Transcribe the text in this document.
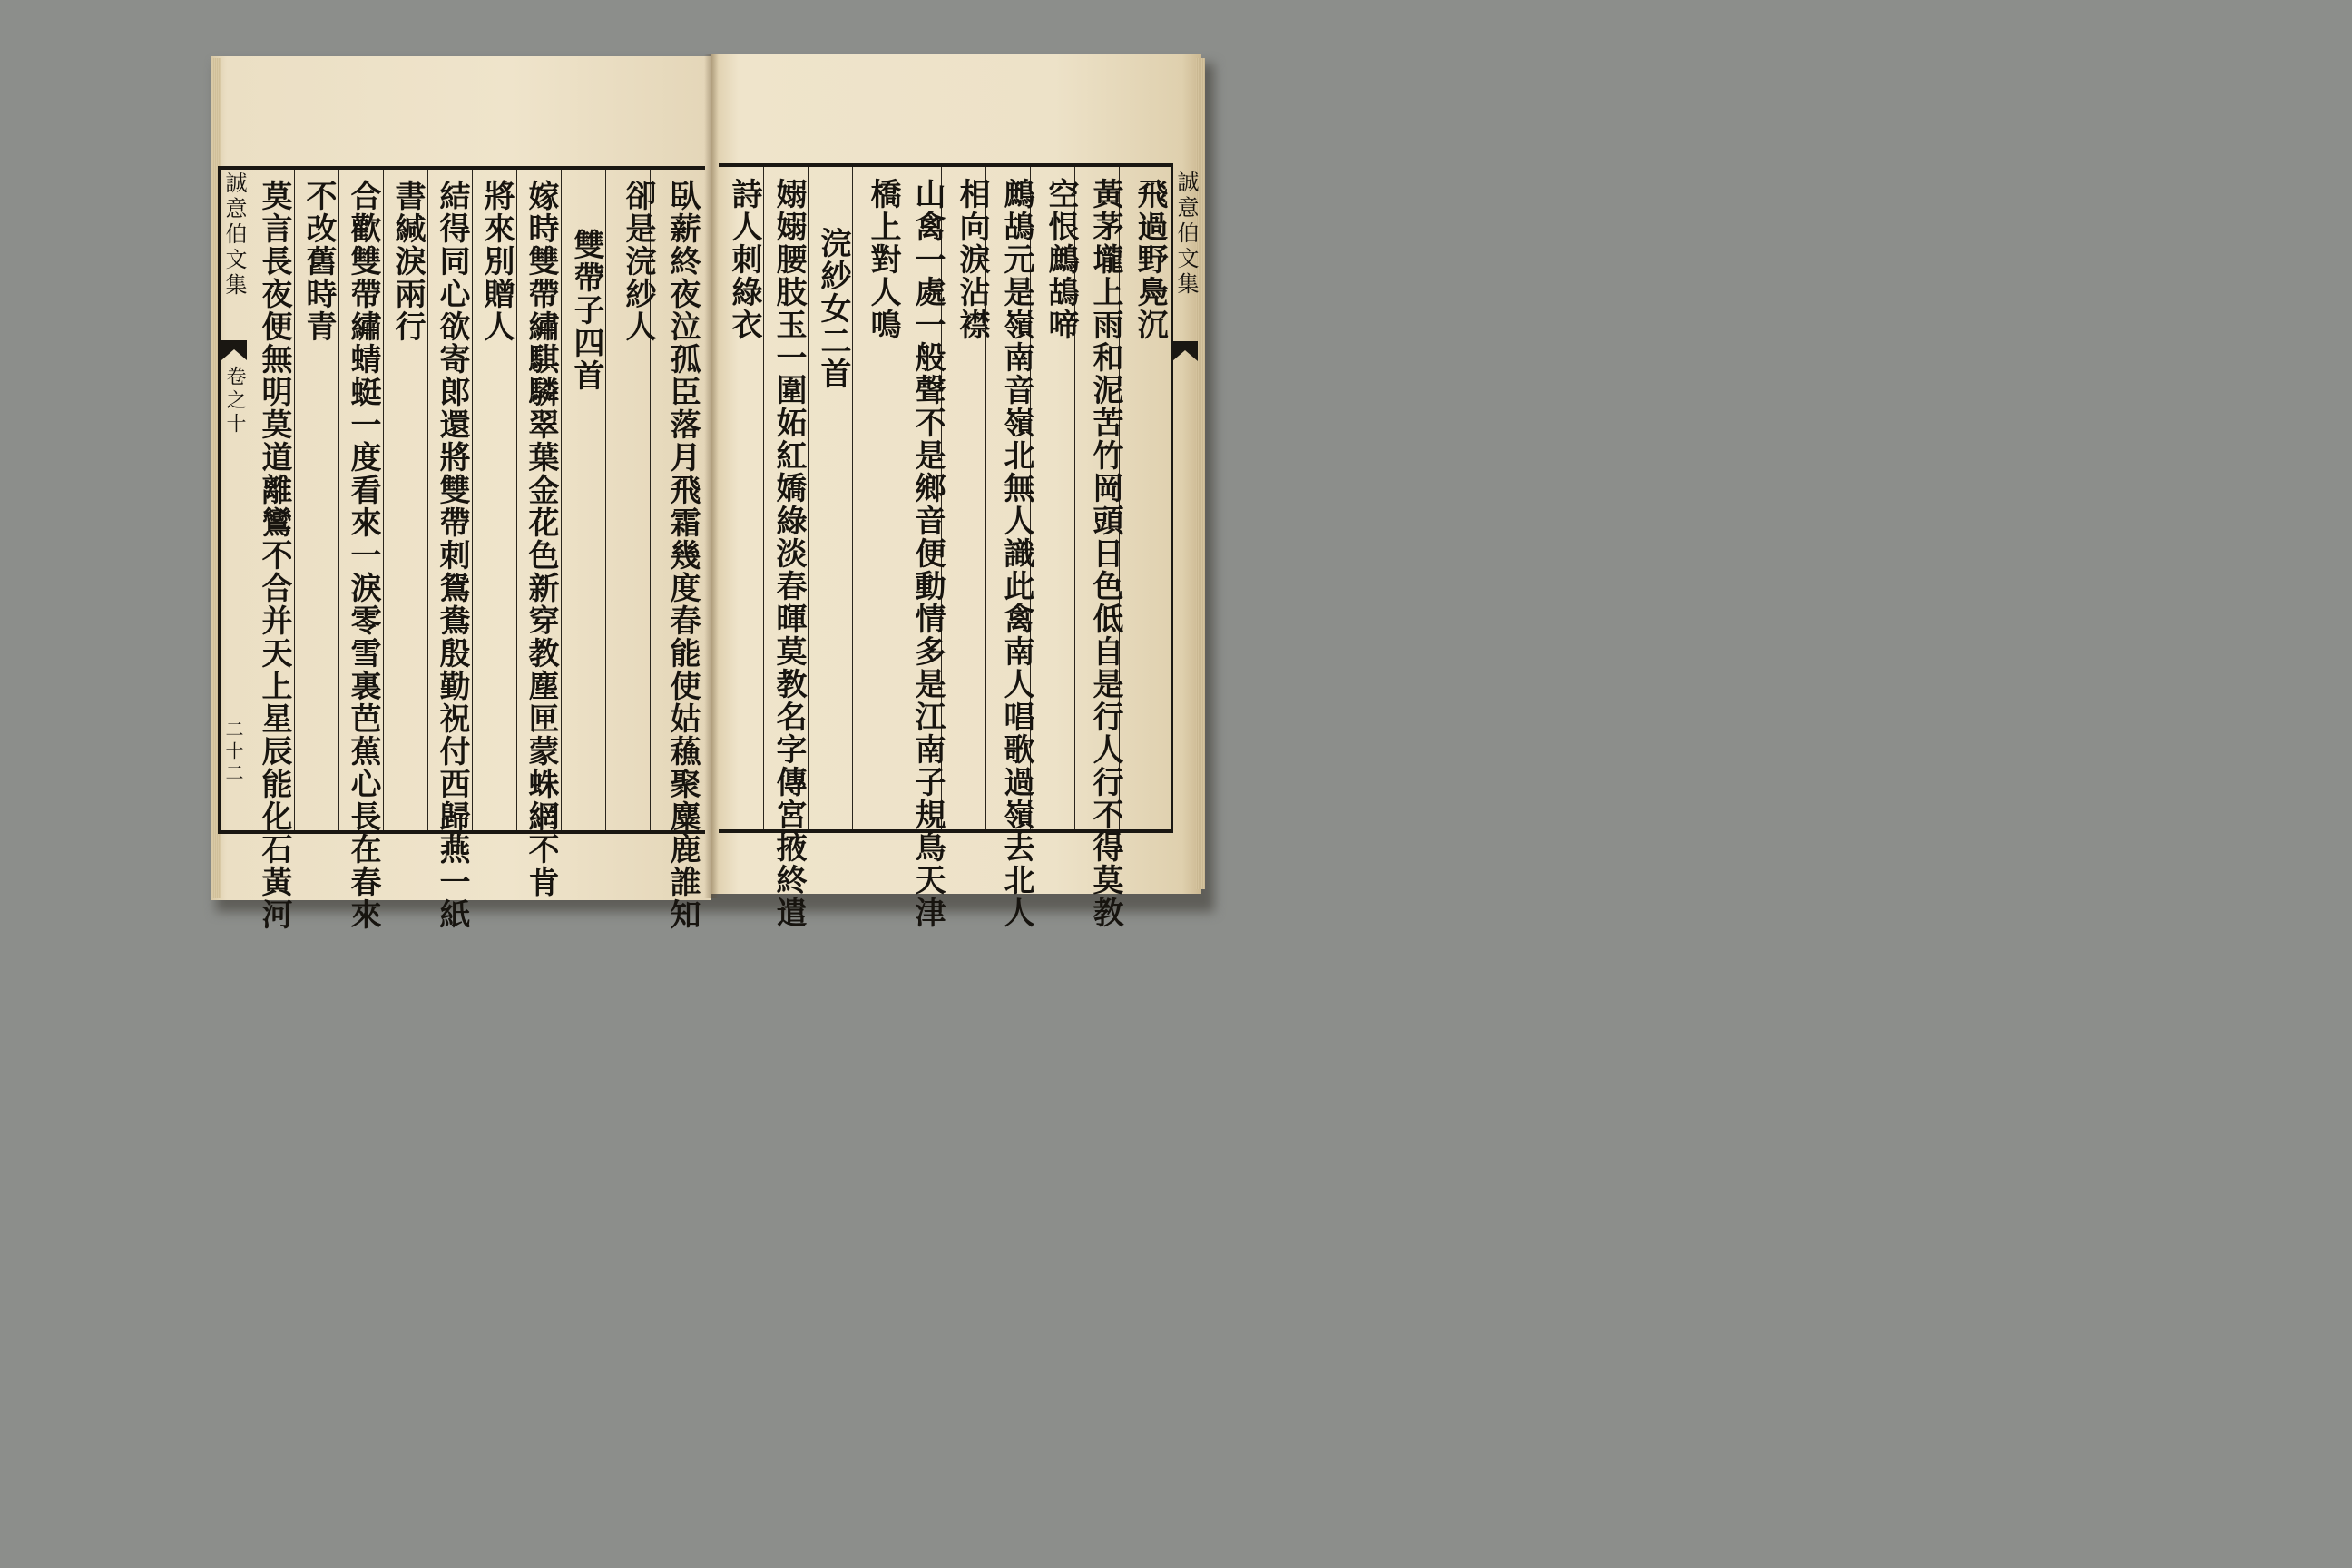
誠意伯文集
卷之十
二十二	臥薪終夜泣孤臣落月飛霜幾度春能使姑蘓聚麋鹿誰知
卻是浣紗人
雙帶子四首
嫁時雙帶繡騏驎翠葉金花色新穿教塵匣蒙蛛網不肯
將來別贈人
結得同心欲寄郎還將雙帶刺鴛鴦殷勤祝付西歸燕一紙
書緘淚兩行
合歡雙帶繡蜻蜓一度看來一淚零雪裏芭蕉心長在春來
不改舊時青
莫言長夜便無明莫道離鸞不合并天上星辰能化石黃河	誠意伯文集
飛過野鳧沉
黃茅壠上雨和泥苦竹岡頭日色低自是行人行不得莫教
空恨鷓鴣啼
鷓鴣元是嶺南音嶺北無人識此禽南人唱歌過嶺去北人
相向淚沾襟
山禽一處一般聲不是鄉音便動情多是江南子規鳥天津
橋上對人鳴
浣紗女二首
嫋嫋腰肢玉一圍妬紅嬌綠淡春暉莫教名字傳宮掖終遣
詩人刺綠衣
